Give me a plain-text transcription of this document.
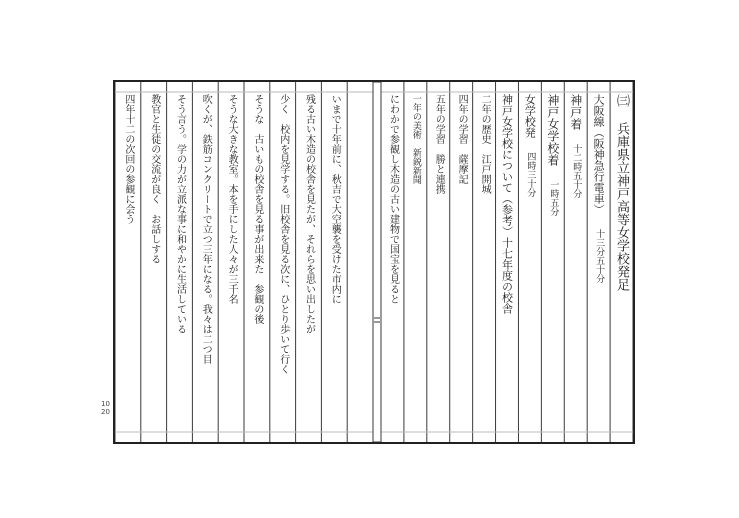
㈢ 兵庫県立神戸高等女学校発足
大阪線（阪神急行電車）
十三分五十分
神戸着
十二時五十分
神戸女学校着
一時五分
女学校発
四時三十分
神戸女学校について（参考）十七年度の校舎
二年の歴史　江戸開城
四年の学習　薩摩記
五年の学習　勝と連携
一年の美術　新鋭新聞
にわかで参観し木造の古い建物で国宝を見ると
いまで十年前に、秋吉で大空襲を受けた市内に
残る古い木造の校舎を見たが、それらを思い出したが
少く　校内を見学する。旧校舎を見る次に、ひとり歩いて行く
そうな　古いもの校舎を見る事が出来た　参観の後
そうな大きな教室。本を手にした人々が三千名
吹くが、鉄筋コンクリートで立つ三年になる。我々は二つ目
そう言う。学の力が立派な事に和やかに生活している
教官と生徒の交流が良く　お話しする
四年十二の次回の参観に会う
10
20
